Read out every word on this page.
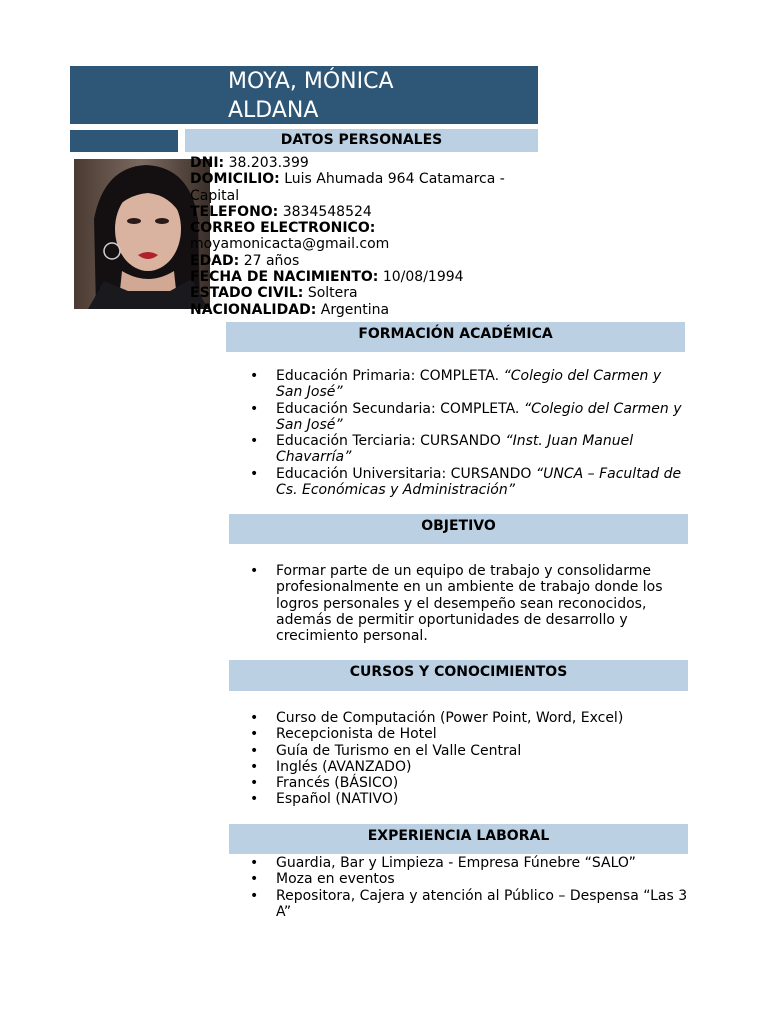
MOYA, MÓNICA
ALDANA
DATOS PERSONALES
DNI: 38.203.399
DOMICILIO: Luis Ahumada 964 Catamarca -
Capital
TELEFONO: 3834548524
CORREO ELECTRONICO:
moyamonicacta@gmail.com
EDAD: 27 años
FECHA DE NACIMIENTO: 10/08/1994
ESTADO CIVIL: Soltera
NACIONALIDAD: Argentina
FORMACIÓN ACADÉMICA
• Educación Primaria: COMPLETA. “Colegio del Carmen y San José”
• Educación Secundaria: COMPLETA. “Colegio del Carmen y San José”
• Educación Terciaria: CURSANDO “Inst. Juan Manuel Chavarría”
• Educación Universitaria: CURSANDO “UNCA – Facultad de Cs. Económicas y Administración”
OBJETIVO
• Formar parte de un equipo de trabajo y consolidarme profesionalmente en un ambiente de trabajo donde los logros personales y el desempeño sean reconocidos, además de permitir oportunidades de desarrollo y crecimiento personal.
CURSOS Y CONOCIMIENTOS
• Curso de Computación (Power Point, Word, Excel)
• Recepcionista de Hotel
• Guía de Turismo en el Valle Central
• Inglés (AVANZADO)
• Francés (BÁSICO)
• Español (NATIVO)
EXPERIENCIA LABORAL
• Guardia, Bar y Limpieza - Empresa Fúnebre “SALO”
• Moza en eventos
• Repositora, Cajera y atención al Público – Despensa “Las 3 A”
